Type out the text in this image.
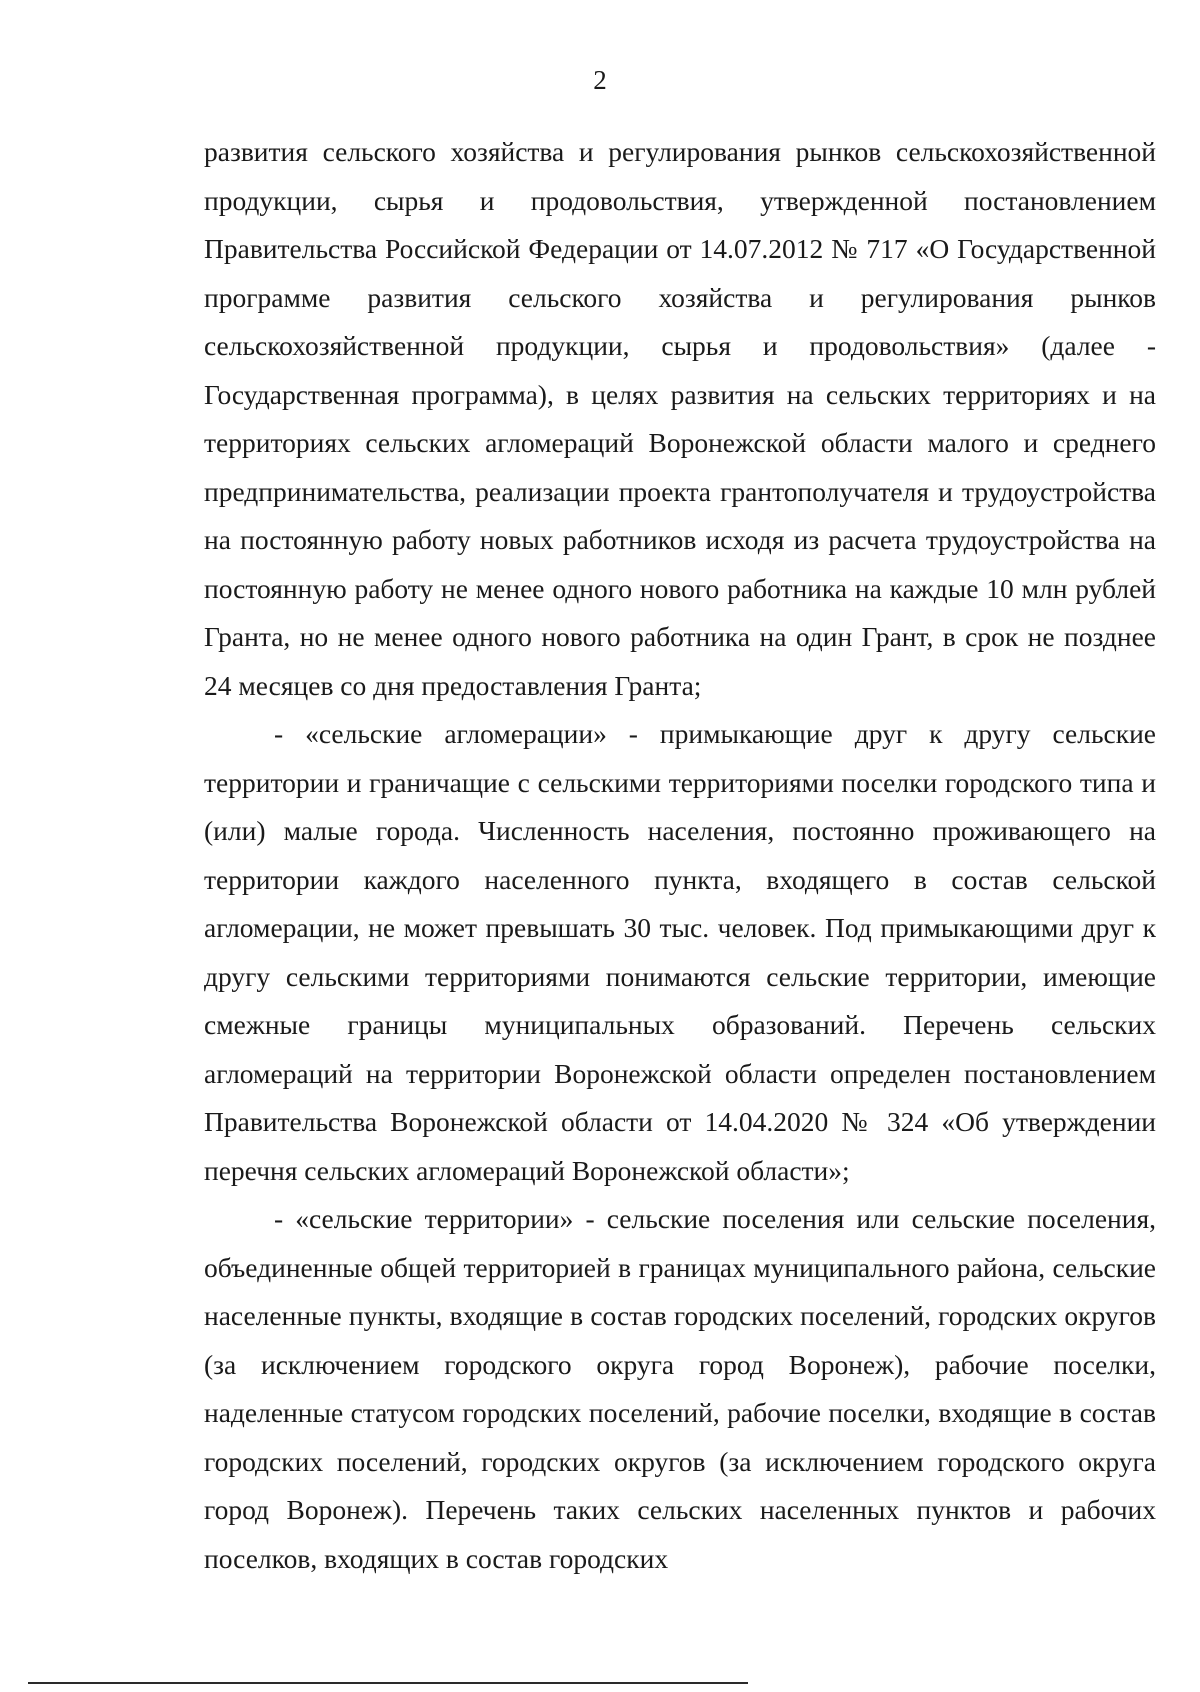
2

развития сельского хозяйства и регулирования рынков сельскохозяйственной продукции, сырья и продовольствия, утвержденной постановлением Правительства Российской Федерации от 14.07.2012 № 717 «О Государственной программе развития сельского хозяйства и регулирования рынков сельскохозяйственной продукции, сырья и продовольствия» (далее - Государственная программа), в целях развития на сельских территориях и на территориях сельских агломераций Воронежской области малого и среднего предпринимательства, реализации проекта грантополучателя и трудоустройства на постоянную работу новых работников исходя из расчета трудоустройства на постоянную работу не менее одного нового работника на каждые 10 млн рублей Гранта, но не менее одного нового работника на один Грант, в срок не позднее 24 месяцев со дня предоставления Гранта;

- «сельские агломерации» - примыкающие друг к другу сельские территории и граничащие с сельскими территориями поселки городского типа и (или) малые города. Численность населения, постоянно проживающего на территории каждого населенного пункта, входящего в состав сельской агломерации, не может превышать 30 тыс. человек. Под примыкающими друг к другу сельскими территориями понимаются сельские территории, имеющие смежные границы муниципальных образований. Перечень сельских агломераций на территории Воронежской области определен постановлением Правительства Воронежской области от 14.04.2020 № 324 «Об утверждении перечня сельских агломераций Воронежской области»;

- «сельские территории» - сельские поселения или сельские поселения, объединенные общей территорией в границах муниципального района, сельские населенные пункты, входящие в состав городских поселений, городских округов (за исключением городского округа город Воронеж), рабочие поселки, наделенные статусом городских поселений, рабочие поселки, входящие в состав городских поселений, городских округов (за исключением городского округа город Воронеж). Перечень таких сельских населенных пунктов и рабочих поселков, входящих в состав городских
